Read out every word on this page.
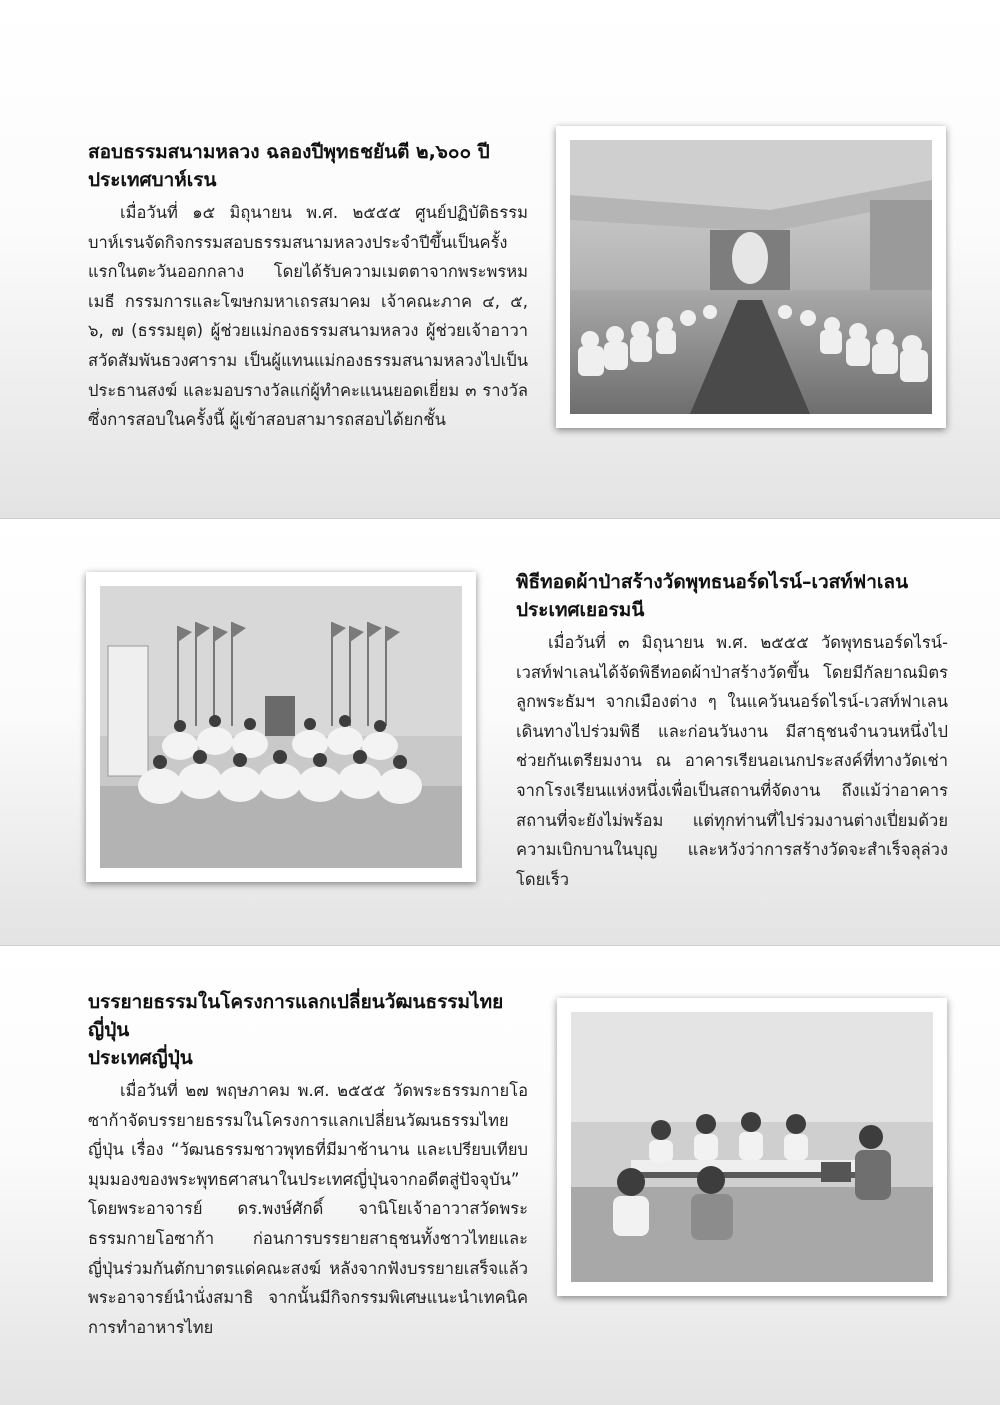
สอบธรรมสนามหลวง ฉลองปีพุทธชยันตี ๒,๖๐๐ ปี
ประเทศบาห์เรน

เมื่อวันที่ ๑๕ มิถุนายน พ.ศ. ๒๕๕๕ ศูนย์ปฏิบัติธรรมบาห์เรนจัดกิจกรรมสอบธรรมสนามหลวงประจำปีขึ้นเป็นครั้งแรกในตะวันออกกลาง โดยได้รับความเมตตาจากพระพรหมเมธี กรรมการและโฆษกมหาเถรสมาคม เจ้าคณะภาค ๔, ๕, ๖, ๗ (ธรรมยุต) ผู้ช่วยแม่กองธรรมสนามหลวง ผู้ช่วยเจ้าอาวาสวัดสัมพันธวงศาราม เป็นผู้แทนแม่กองธรรมสนามหลวงไปเป็นประธานสงฆ์ และมอบรางวัลแก่ผู้ทำคะแนนยอดเยี่ยม ๓ รางวัล ซึ่งการสอบในครั้งนี้ ผู้เข้าสอบสามารถสอบได้ยกชั้น

พิธีทอดผ้าป่าสร้างวัดพุทธนอร์ดไรน์–เวสท์ฟาเลน
ประเทศเยอรมนี

เมื่อวันที่ ๓ มิถุนายน พ.ศ. ๒๕๕๕ วัดพุทธนอร์ดไรน์-เวสท์ฟาเลนได้จัดพิธีทอดผ้าป่าสร้างวัดขึ้น โดยมีกัลยาณมิตรลูกพระธัมฯ จากเมืองต่าง ๆ ในแคว้นนอร์ดไรน์-เวสท์ฟาเลนเดินทางไปร่วมพิธี และก่อนวันงาน มีสาธุชนจำนวนหนึ่งไปช่วยกันเตรียมงาน ณ อาคารเรียนอเนกประสงค์ที่ทางวัดเช่าจากโรงเรียนแห่งหนึ่งเพื่อเป็นสถานที่จัดงาน ถึงแม้ว่าอาคารสถานที่จะยังไม่พร้อม แต่ทุกท่านที่ไปร่วมงานต่างเปี่ยมด้วยความเบิกบานในบุญ และหวังว่าการสร้างวัดจะสำเร็จลุล่วงโดยเร็ว

บรรยายธรรมในโครงการแลกเปลี่ยนวัฒนธรรมไทยญี่ปุ่น
ประเทศญี่ปุ่น

เมื่อวันที่ ๒๗ พฤษภาคม พ.ศ. ๒๕๕๕ วัดพระธรรมกายโอซาก้าจัดบรรยายธรรมในโครงการแลกเปลี่ยนวัฒนธรรมไทยญี่ปุ่น เรื่อง “วัฒนธรรมชาวพุทธที่มีมาช้านาน และเปรียบเทียบมุมมองของพระพุทธศาสนาในประเทศญี่ปุ่นจากอดีตสู่ปัจจุบัน” โดยพระอาจารย์ ดร.พงษ์ศักดิ์ จานิโยเจ้าอาวาสวัดพระธรรมกายโอซาก้า ก่อนการบรรยายสาธุชนทั้งชาวไทยและญี่ปุ่นร่วมกันตักบาตรแด่คณะสงฆ์ หลังจากฟังบรรยายเสร็จแล้ว พระอาจารย์นำนั่งสมาธิ จากนั้นมีกิจกรรมพิเศษแนะนำเทคนิคการทำอาหารไทย
